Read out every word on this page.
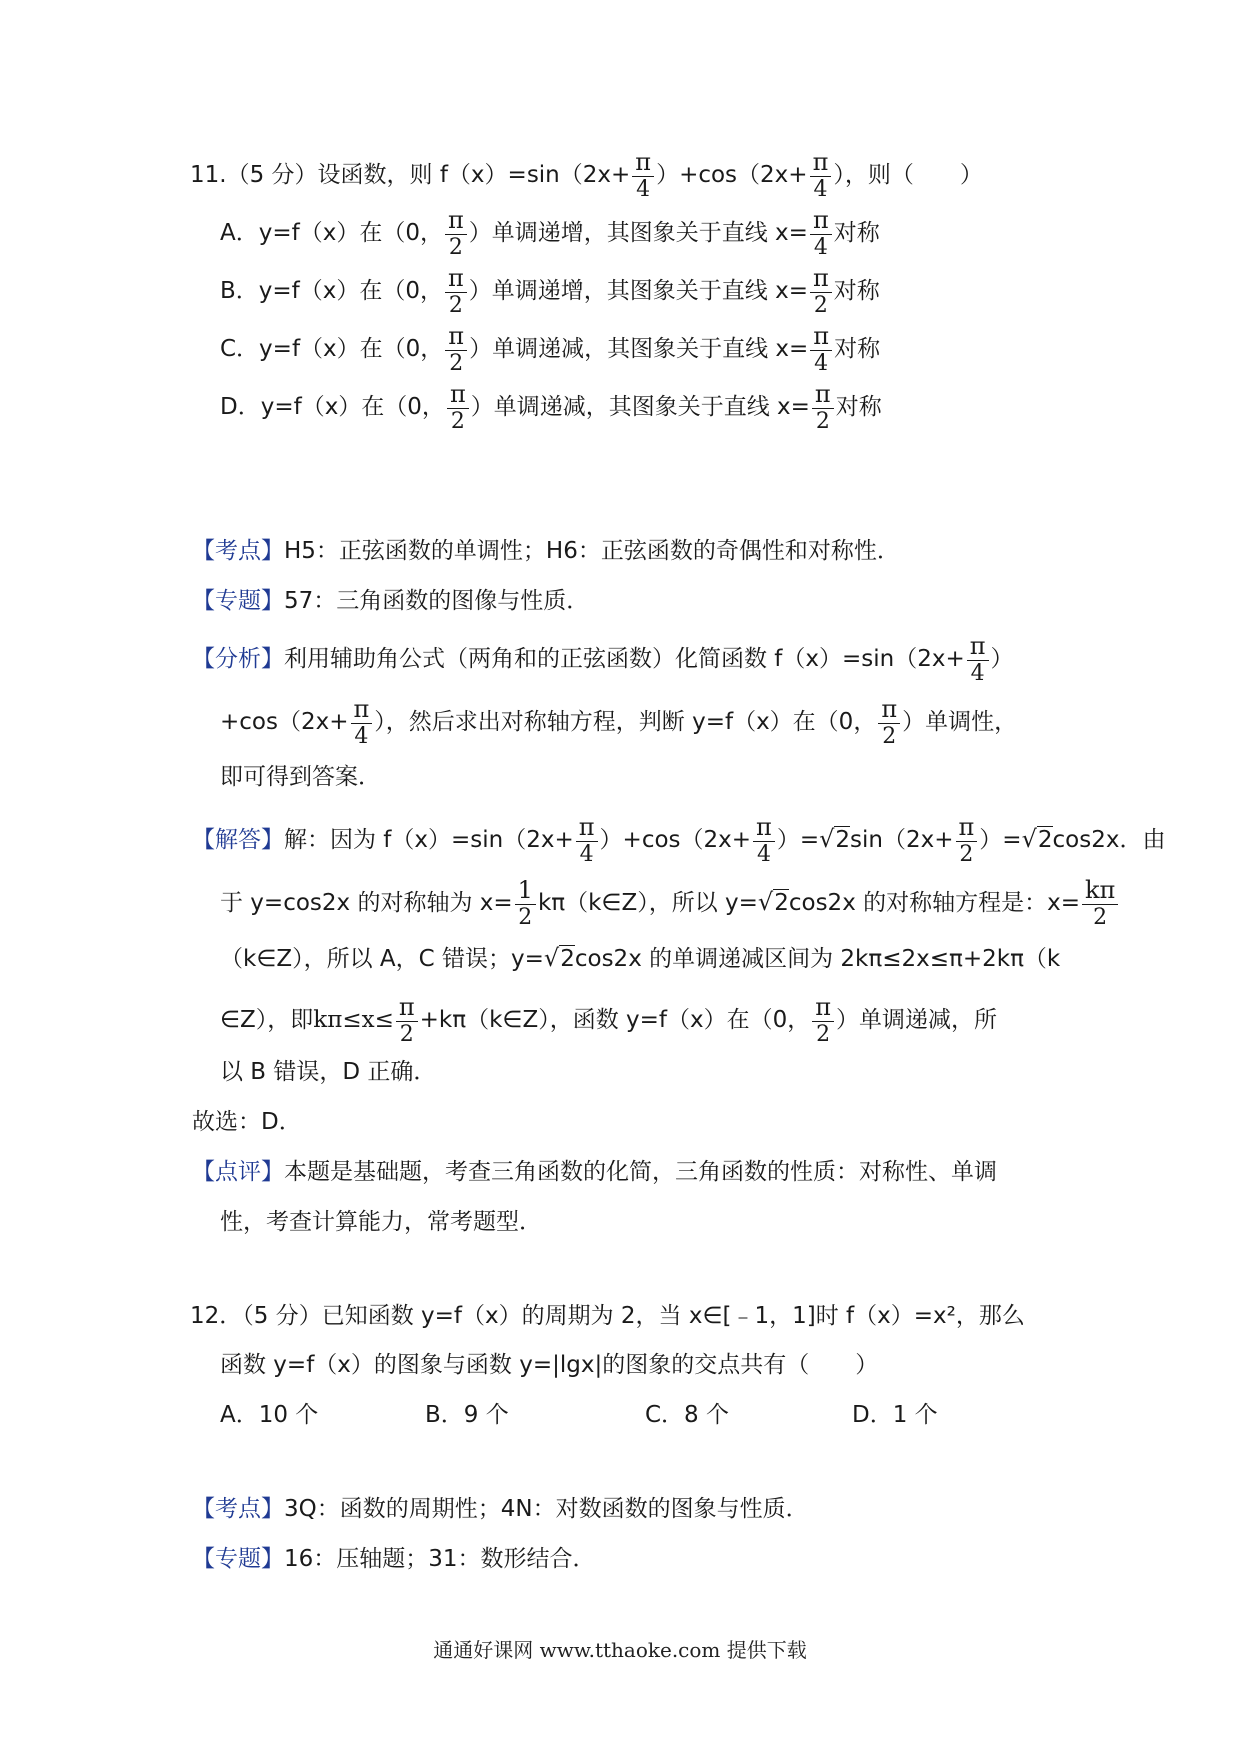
11.（5 分）设函数，则 $f(x)=\sin(2x+ \frac{\pi}{4} )+\cos(2x+ \frac{\pi}{4}$ ），则（　　）
A．y=f（x）在（0， $\frac{\pi}{2}$ ）单调递增，其图象关于直线 $x= \frac{\pi}{4}$ 对称
B．y=f（x）在（0， $\frac{\pi}{2}$ ）单调递增，其图象关于直线 $x= \frac{\pi}{2}$ 对称
C．y=f（x）在（0， $\frac{\pi}{2}$ ）单调递减，其图象关于直线 $x= \frac{\pi}{4}$ 对称
D．y=f（x）在（0， $\frac{\pi}{2}$ ）单调递减，其图象关于直线 $x= \frac{\pi}{2}$ 对称
【考点】H5：正弦函数的单调性；H6：正弦函数的奇偶性和对称性．
【专题】57：三角函数的图像与性质．
【分析】利用辅助角公式（两角和的正弦函数）化简函数 $f(x)=\sin(2x+ \frac{\pi}{4}$ ）
$+\cos(2x+ \frac{\pi}{4}$ ），然后求出对称轴方程，判断 y=f（x）在（0， $\frac{\pi}{2}$ ）单调性，
即可得到答案．
【解答】解：因为 $f(x)=\sin(2x+ \frac{\pi}{4} )+\cos(2x+ \frac{\pi}{4} )=√2\sin(2x+ \frac{\pi}{2} )=√2\cos 2x$．由
于 y=cos2x 的对称轴为 $x= \frac{1}{2}$ kπ（k∈Z），所以 y=√2cos2x 的对称轴方程是：$x= \frac{k\pi}{2}$
（k∈Z），所以 A，C 错误；y=√2cos2x 的单调递减区间为 2kπ≤2x≤π+2kπ（k
∈Z），即$k\pi\le x\le \frac{\pi}{2}$ +kπ（k∈Z），函数 y=f（x）在（0， $\frac{\pi}{2}$ ）单调递减，所
以 B 错误，D 正确．
故选：D．
【点评】本题是基础题，考查三角函数的化简，三角函数的性质：对称性、单调
性，考查计算能力，常考题型．
12．（5 分）已知函数 y=f（x）的周期为 2，当 x∈[﹣1，1]时 f（x）=x²，那么
函数 y=f（x）的图象与函数 y=|lgx|的图象的交点共有（　　）
A．10 个	B．9 个	C．8 个	D．1 个
【考点】3Q：函数的周期性；4N：对数函数的图象与性质．
【专题】16：压轴题；31：数形结合．
通通好课网 www.tthaoke.com 提供下载
